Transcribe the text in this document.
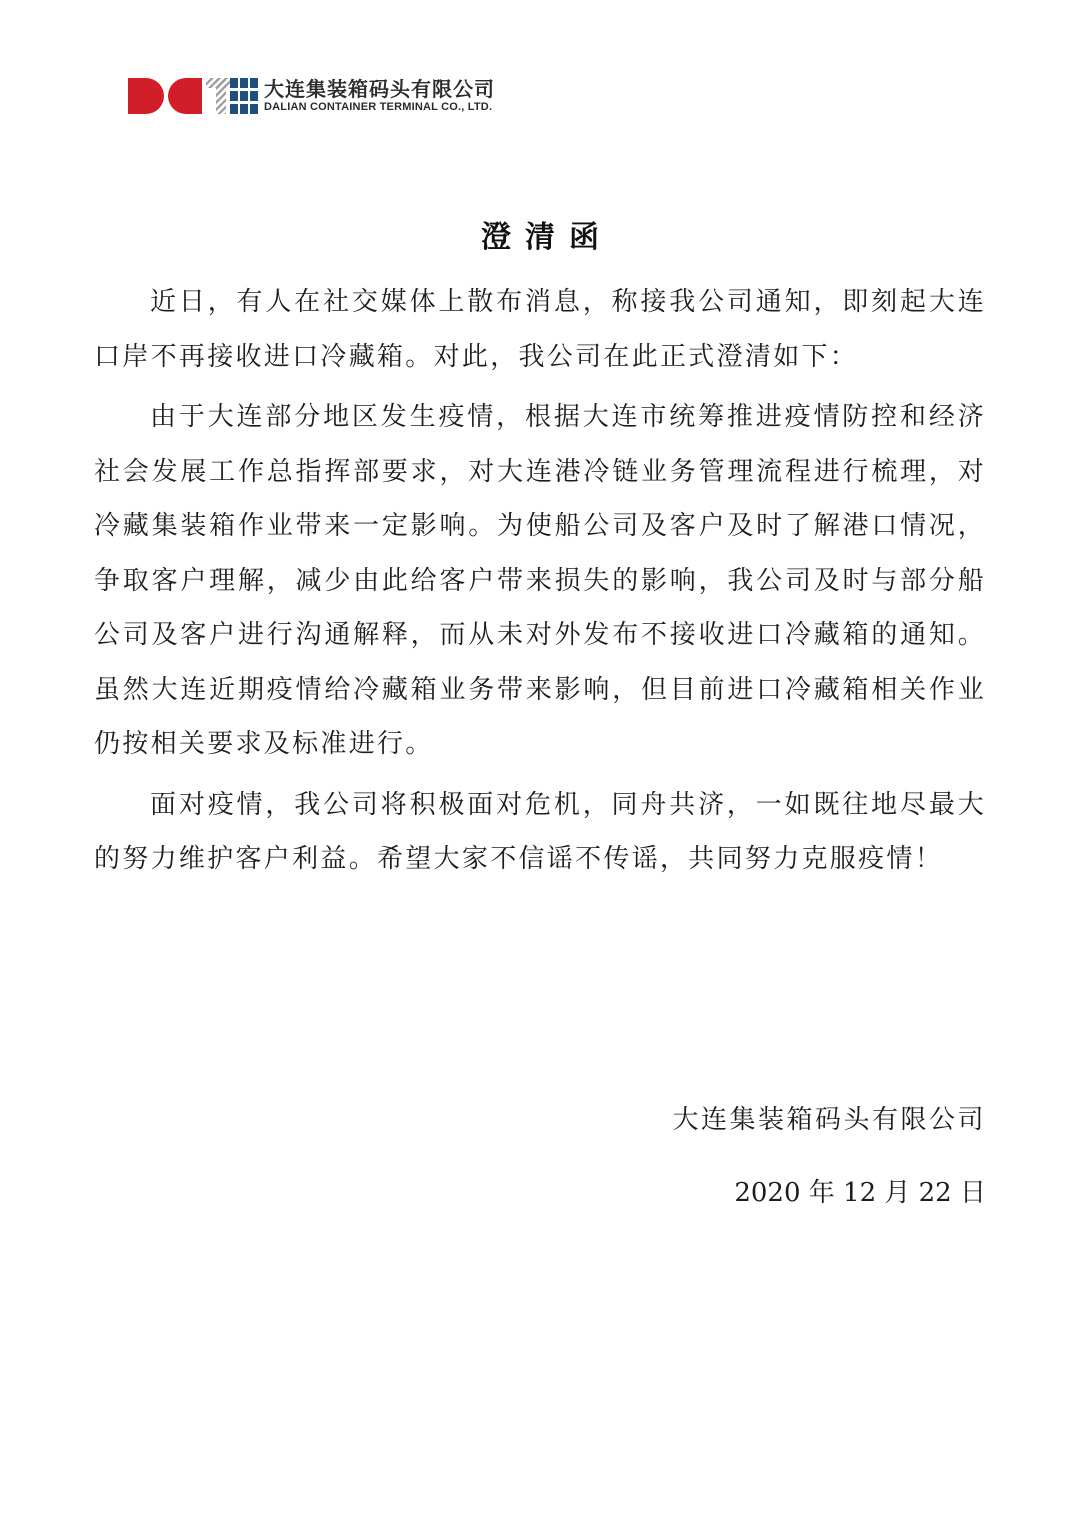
大连集装箱码头有限公司
DALIAN CONTAINER TERMINAL CO., LTD.
澄清函

近日，有人在社交媒体上散布消息，称接我公司通知，即刻起大连口岸不再接收进口冷藏箱。对此，我公司在此正式澄清如下：

由于大连部分地区发生疫情，根据大连市统筹推进疫情防控和经济社会发展工作总指挥部要求，对大连港冷链业务管理流程进行梳理，对冷藏集装箱作业带来一定影响。为使船公司及客户及时了解港口情况，争取客户理解，减少由此给客户带来损失的影响，我公司及时与部分船公司及客户进行沟通解释，而从未对外发布不接收进口冷藏箱的通知。虽然大连近期疫情给冷藏箱业务带来影响，但目前进口冷藏箱相关作业仍按相关要求及标准进行。

面对疫情，我公司将积极面对危机，同舟共济，一如既往地尽最大的努力维护客户利益。希望大家不信谣不传谣，共同努力克服疫情！

大连集装箱码头有限公司
2020 年 12 月 22 日
